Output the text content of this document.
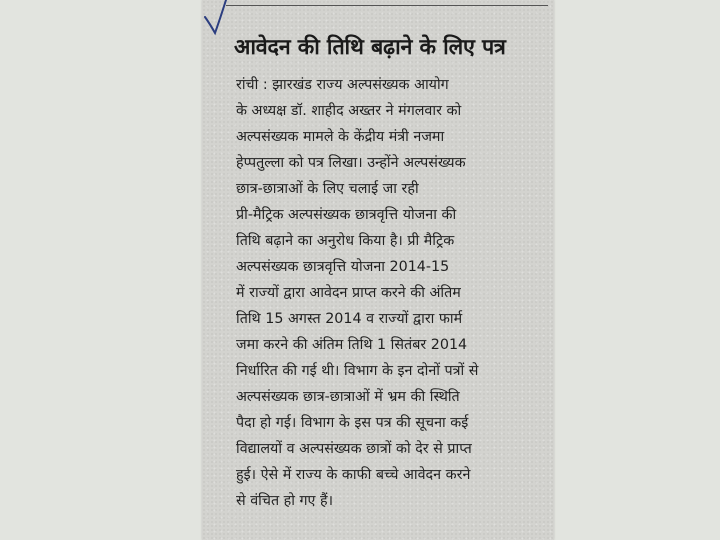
आवेदन की तिथि बढ़ाने के लिए पत्र
रांची : झारखंड राज्य अल्पसंख्यक आयोग
के अध्यक्ष डॉ. शाहीद अख्तर ने मंगलवार को
अल्पसंख्यक मामले के केंद्रीय मंत्री नजमा
हेप्पतुल्ला को पत्र लिखा। उन्होंने अल्पसंख्यक
छात्र-छात्राओं के लिए चलाई जा रही
प्री-मैट्रिक अल्पसंख्यक छात्रवृत्ति योजना की
तिथि बढ़ाने का अनुरोध किया है। प्री मैट्रिक
अल्पसंख्यक छात्रवृत्ति योजना 2014-15
में राज्यों द्वारा आवेदन प्राप्त करने की अंतिम
तिथि 15 अगस्त 2014 व राज्यों द्वारा फार्म
जमा करने की अंतिम तिथि 1 सितंबर 2014
निर्धारित की गई थी। विभाग के इन दोनों पत्रों से
अल्पसंख्यक छात्र-छात्राओं में भ्रम की स्थिति
पैदा हो गई। विभाग के इस पत्र की सूचना कई
विद्यालयों व अल्पसंख्यक छात्रों को देर से प्राप्त
हुई। ऐसे में राज्य के काफी बच्चे आवेदन करने
से वंचित हो गए हैं।
